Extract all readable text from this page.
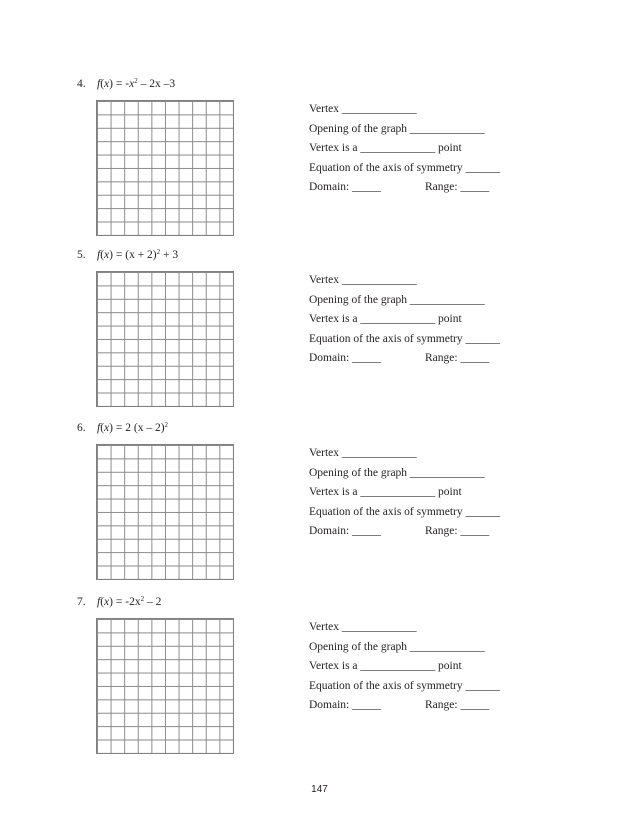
4. $f(x) = -x^2 - 2x$ –3
Vertex _____________
Opening of the graph _____________
Vertex is a _____________ point
Equation of the axis of symmetry ______
Domain: _____	Range: _____
5. $f(x) = (x + 2)^2 + 3$
Vertex _____________
Opening of the graph _____________
Vertex is a _____________ point
Equation of the axis of symmetry ______
Domain: _____	Range: _____
6. f(x) = 2 (x – 2)$^2$
Vertex _____________
Opening of the graph _____________
Vertex is a _____________ point
Equation of the axis of symmetry ______
Domain: _____	Range: _____
7. $f(x) = -2x^2 - 2$
Vertex _____________
Opening of the graph _____________
Vertex is a _____________ point
Equation of the axis of symmetry ______
Domain: _____	Range: _____
147
